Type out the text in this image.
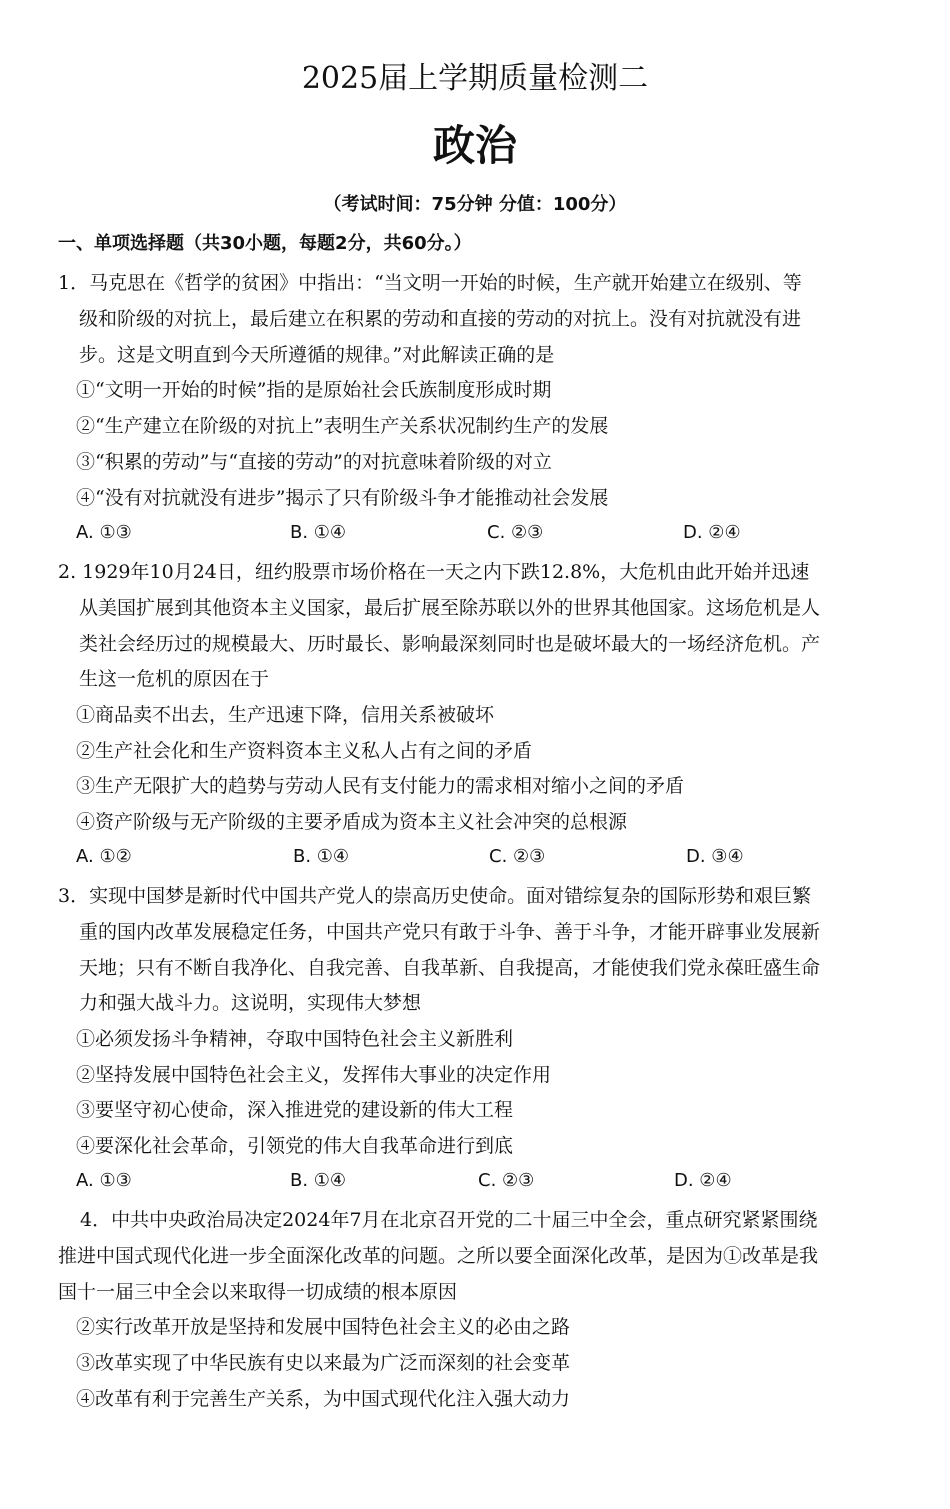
2025届上学期质量检测二
政治
（考试时间：75分钟 分值：100分）
一、单项选择题（共30小题，每题2分，共60分。）
1．马克思在《哲学的贫困》中指出：“当文明一开始的时候，生产就开始建立在级别、等
级和阶级的对抗上，最后建立在积累的劳动和直接的劳动的对抗上。没有对抗就没有进
步。这是文明直到今天所遵循的规律。”对此解读正确的是
①“文明一开始的时候”指的是原始社会氏族制度形成时期
②“生产建立在阶级的对抗上”表明生产关系状况制约生产的发展
③“积累的劳动”与“直接的劳动”的对抗意味着阶级的对立
④“没有对抗就没有进步”揭示了只有阶级斗争才能推动社会发展
A. ①③	B. ①④	C. ②③	D. ②④
2. 1929年10月24日，纽约股票市场价格在一天之内下跌12.8%，大危机由此开始并迅速
从美国扩展到其他资本主义国家，最后扩展至除苏联以外的世界其他国家。这场危机是人
类社会经历过的规模最大、历时最长、影响最深刻同时也是破坏最大的一场经济危机。产
生这一危机的原因在于
①商品卖不出去，生产迅速下降，信用关系被破坏
②生产社会化和生产资料资本主义私人占有之间的矛盾
③生产无限扩大的趋势与劳动人民有支付能力的需求相对缩小之间的矛盾
④资产阶级与无产阶级的主要矛盾成为资本主义社会冲突的总根源
A. ①②	B. ①④	C. ②③	D. ③④
3．实现中国梦是新时代中国共产党人的崇高历史使命。面对错综复杂的国际形势和艰巨繁
重的国内改革发展稳定任务，中国共产党只有敢于斗争、善于斗争，才能开辟事业发展新
天地；只有不断自我净化、自我完善、自我革新、自我提高，才能使我们党永葆旺盛生命
力和强大战斗力。这说明，实现伟大梦想
①必须发扬斗争精神，夺取中国特色社会主义新胜利
②坚持发展中国特色社会主义，发挥伟大事业的决定作用
③要坚守初心使命，深入推进党的建设新的伟大工程
④要深化社会革命，引领党的伟大自我革命进行到底
A. ①③	B. ①④	C. ②③	D. ②④
4．中共中央政治局决定2024年7月在北京召开党的二十届三中全会，重点研究紧紧围绕
推进中国式现代化进一步全面深化改革的问题。之所以要全面深化改革，是因为①改革是我
国十一届三中全会以来取得一切成绩的根本原因
②实行改革开放是坚持和发展中国特色社会主义的必由之路
③改革实现了中华民族有史以来最为广泛而深刻的社会变革
④改革有利于完善生产关系，为中国式现代化注入强大动力
